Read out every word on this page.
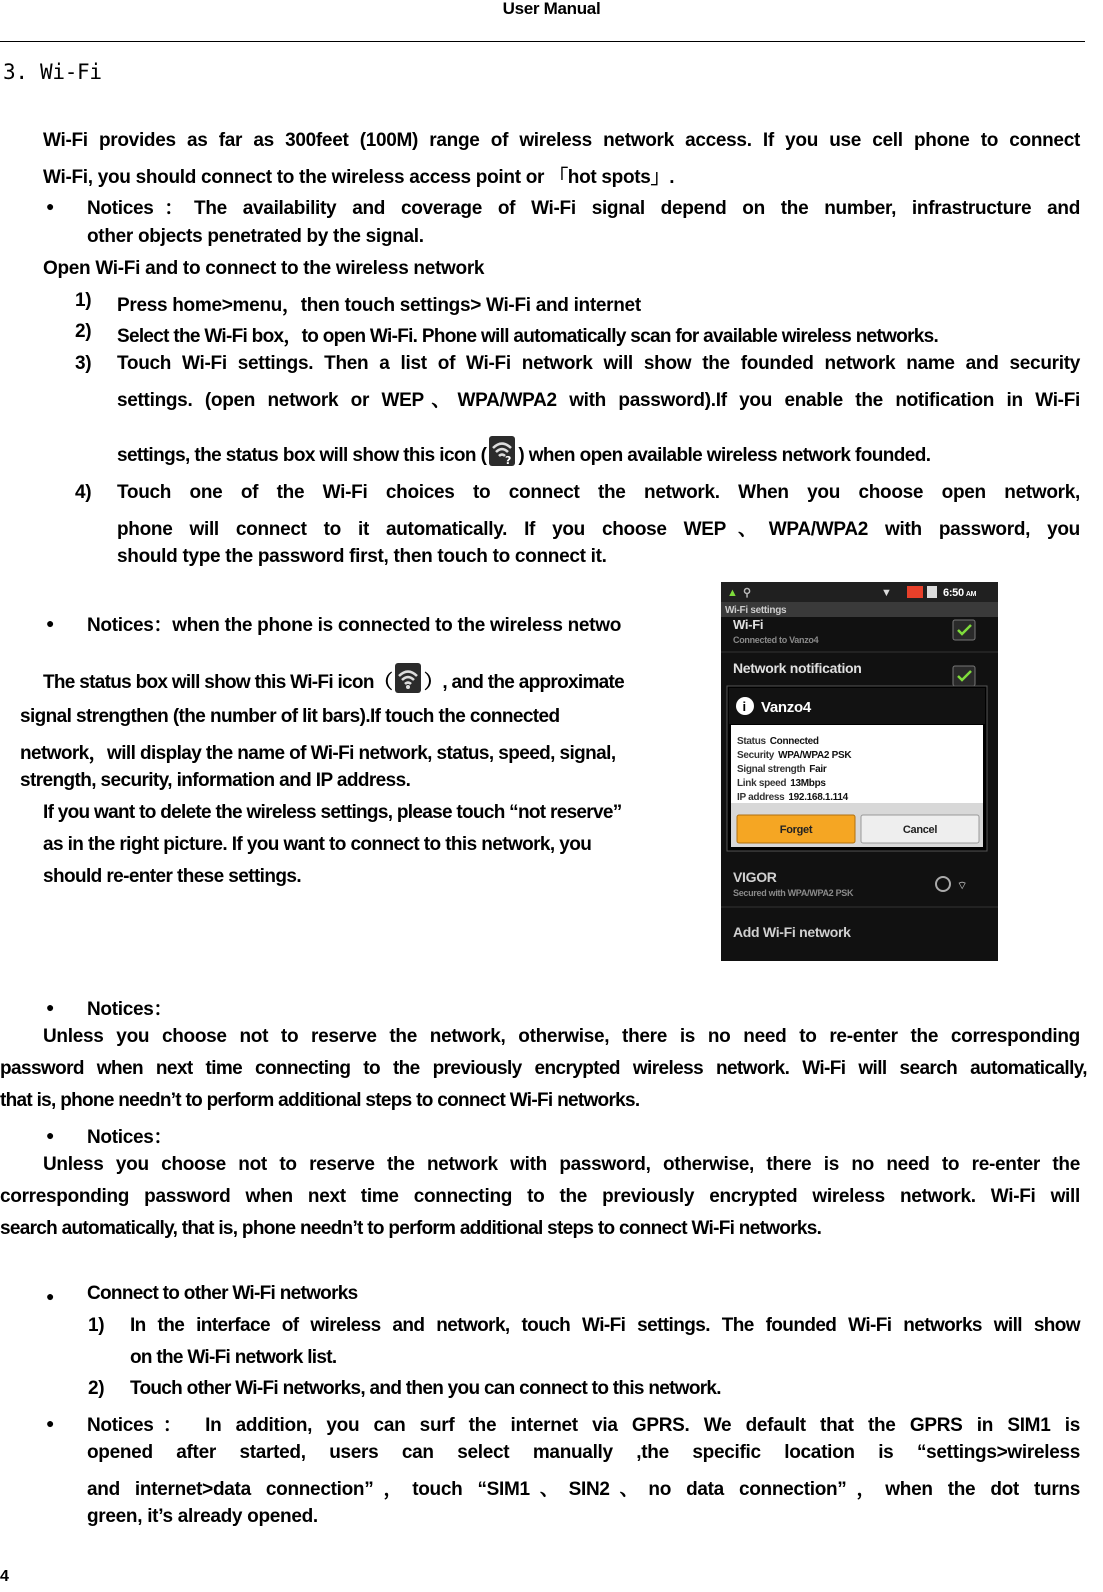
User Manual
3. Wi-Fi
Wi-Fi provides as far as 300feet (100M) range of wireless network access. If you use cell phone to connect
Wi-Fi, you should connect to the wireless access point or 「hot spots」.
● Notices：The availability and coverage of Wi-Fi signal depend on the number, infrastructure and
other objects penetrated by the signal.
Open Wi-Fi and to connect to the wireless network
1) Press home>menu，then touch settings> Wi-Fi and internet
2) Select the Wi-Fi box，to open Wi-Fi. Phone will automatically scan for available wireless networks.
3) Touch Wi-Fi settings. Then a list of Wi-Fi network will show the founded network name and security
settings. (open network or WEP、WPA/WPA2 with password).If you enable the notification in Wi-Fi
settings, the status box will show this icon ( ? ) when open available wireless network founded.
4) Touch one of the Wi-Fi choices to connect the network. When you choose open network,
phone will connect to it automatically. If you choose WEP、WPA/WPA2 with password, you
should type the password first, then touch to connect it.
● Notices：when the phone is connected to the wireless netwo
The status box will show this Wi-Fi icon（ ）, and the approximate
signal strengthen (the number of lit bars).If touch the connected
network，will display the name of Wi-Fi network, status, speed, signal,
strength, security, information and IP address.
If you want to delete the wireless settings, please touch “not reserve”
as in the right picture. If you want to connect to this network, you
should re-enter these settings.
▲ ⚲	▼	6:50 AM
Wi-Fi settings
Wi-Fi
Connected to Vanzo4
Network notification
i Vanzo4
Status Connected
Security WPA/WPA2 PSK
Signal strength Fair
Link speed 13Mbps
IP address 192.168.1.114
Forget	Cancel
VIGOR
Secured with WPA/WPA2 PSK
⌔
Add Wi-Fi network
● Notices：
Unless you choose not to reserve the network, otherwise, there is no need to re-enter the corresponding
password when next time connecting to the previously encrypted wireless network. Wi-Fi will search automatically,
that is, phone needn’t to perform additional steps to connect Wi-Fi networks.
● Notices：
Unless you choose not to reserve the network with password, otherwise, there is no need to re-enter the
corresponding password when next time connecting to the previously encrypted wireless network. Wi-Fi will
search automatically, that is, phone needn’t to perform additional steps to connect Wi-Fi networks.
● Connect to other Wi-Fi networks
1) In the interface of wireless and network, touch Wi-Fi settings. The founded Wi-Fi networks will show
on the Wi-Fi network list.
2) Touch other Wi-Fi networks, and then you can connect to this network.
● Notices： In addition, you can surf the internet via GPRS. We default that the GPRS in SIM1 is
opened after started, users can select manually ,the specific location is “settings>wireless
and internet>data connection”，touch “SIM1、SIN2、no data connection”，when the dot turns
green, it’s already opened.
4
